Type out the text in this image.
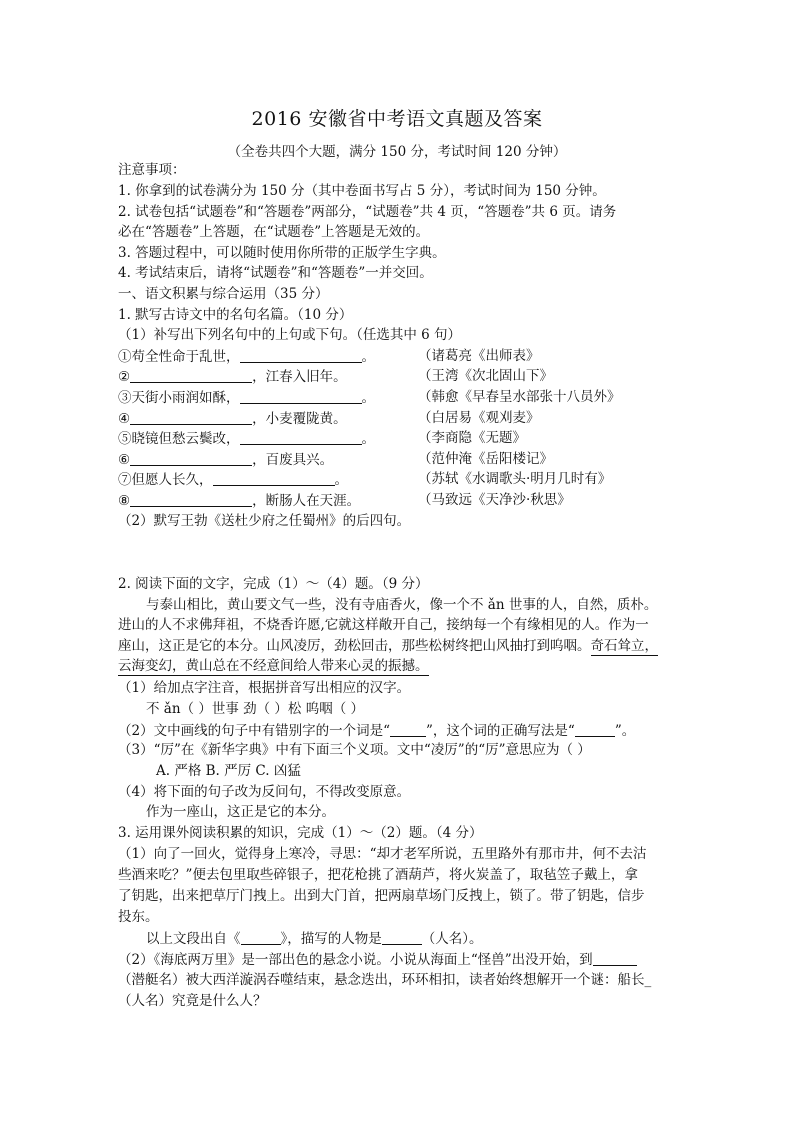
2016 安徽省中考语文真题及答案
（全卷共四个大题，满分 150 分，考试时间 120 分钟）
注意事项：
1. 你拿到的试卷满分为 150 分（其中卷面书写占 5 分），考试时间为 150 分钟。
2. 试卷包括“试题卷”和“答题卷”两部分，“试题卷”共 4 页，“答题卷”共 6 页。请务
必在“答题卷”上答题，在“试题卷”上答题是无效的。
3. 答题过程中，可以随时使用你所带的正版学生字典。
4. 考试结束后，请将“试题卷”和“答题卷”一并交回。
一、语文积累与综合运用（35 分）
1. 默写古诗文中的名句名篇。（10 分）
（1）补写出下列名句中的上句或下句。（任选其中 6 句）
①苟全性命于乱世，	。	（诸葛亮《出师表》
②	，江春入旧年。	（王湾《次北固山下》
③天街小雨润如酥，	。	（韩愈《早春呈水部张十八员外》
④	，小麦覆陇黄。	（白居易《观刈麦》
⑤晓镜但愁云鬓改，	。	（李商隐《无题》
⑥	，百废具兴。	（范仲淹《岳阳楼记》
⑦但愿人长久，	。	（苏轼《水调歌头·明月几时有》
⑧	，断肠人在天涯。	（马致远《天净沙·秋思》
（2）默写王勃《送杜少府之任蜀州》的后四句。
2. 阅读下面的文字，完成（1）～（4）题。（9 分）
与泰山相比，黄山要文气一些，没有寺庙香火，像一个不 ǎn 世事的人，自然，质朴。
进山的人不求佛拜祖，不烧香许愿,它就这样敞开自己，接纳每一个有缘相见的人。作为一
座山，这正是它的本分。山风凌厉，劲松回击，那些松树终把山风抽打到呜咽。奇石耸立，
云海变幻，黄山总在不经意间给人带来心灵的振撼。
（1）给加点字注音，根据拼音写出相应的汉字。
不 ǎn（ ）世事 劲（ ）松 呜咽（ ）
（2）文中画线的句子中有错别字的一个词是“	”，这个词的正确写法是“	”。
（3）“厉”在《新华字典》中有下面三个义项。文中“凌厉”的“厉”意思应为（ ）
A. 严格 B. 严厉 C. 凶猛
（4）将下面的句子改为反问句，不得改变原意。
作为一座山，这正是它的本分。
3. 运用课外阅读积累的知识，完成（1）～（2）题。（4 分）
（1）向了一回火，觉得身上寒冷，寻思：“却才老军所说，五里路外有那市井，何不去沽
些酒来吃？”便去包里取些碎银子，把花枪挑了酒葫芦，将火炭盖了，取毡笠子戴上，拿
了钥匙，出来把草厅门拽上。出到大门首，把两扇草场门反拽上，锁了。带了钥匙，信步
投东。
以上文段出自《	》，描写的人物是	（人名）。
（2）《海底两万里》是一部出色的悬念小说。小说从海面上“怪兽”出没开始，到
（潜艇名）被大西洋漩涡吞噬结束，悬念迭出，环环相扣，读者始终想解开一个谜：船长_
（人名）究竟是什么人？
